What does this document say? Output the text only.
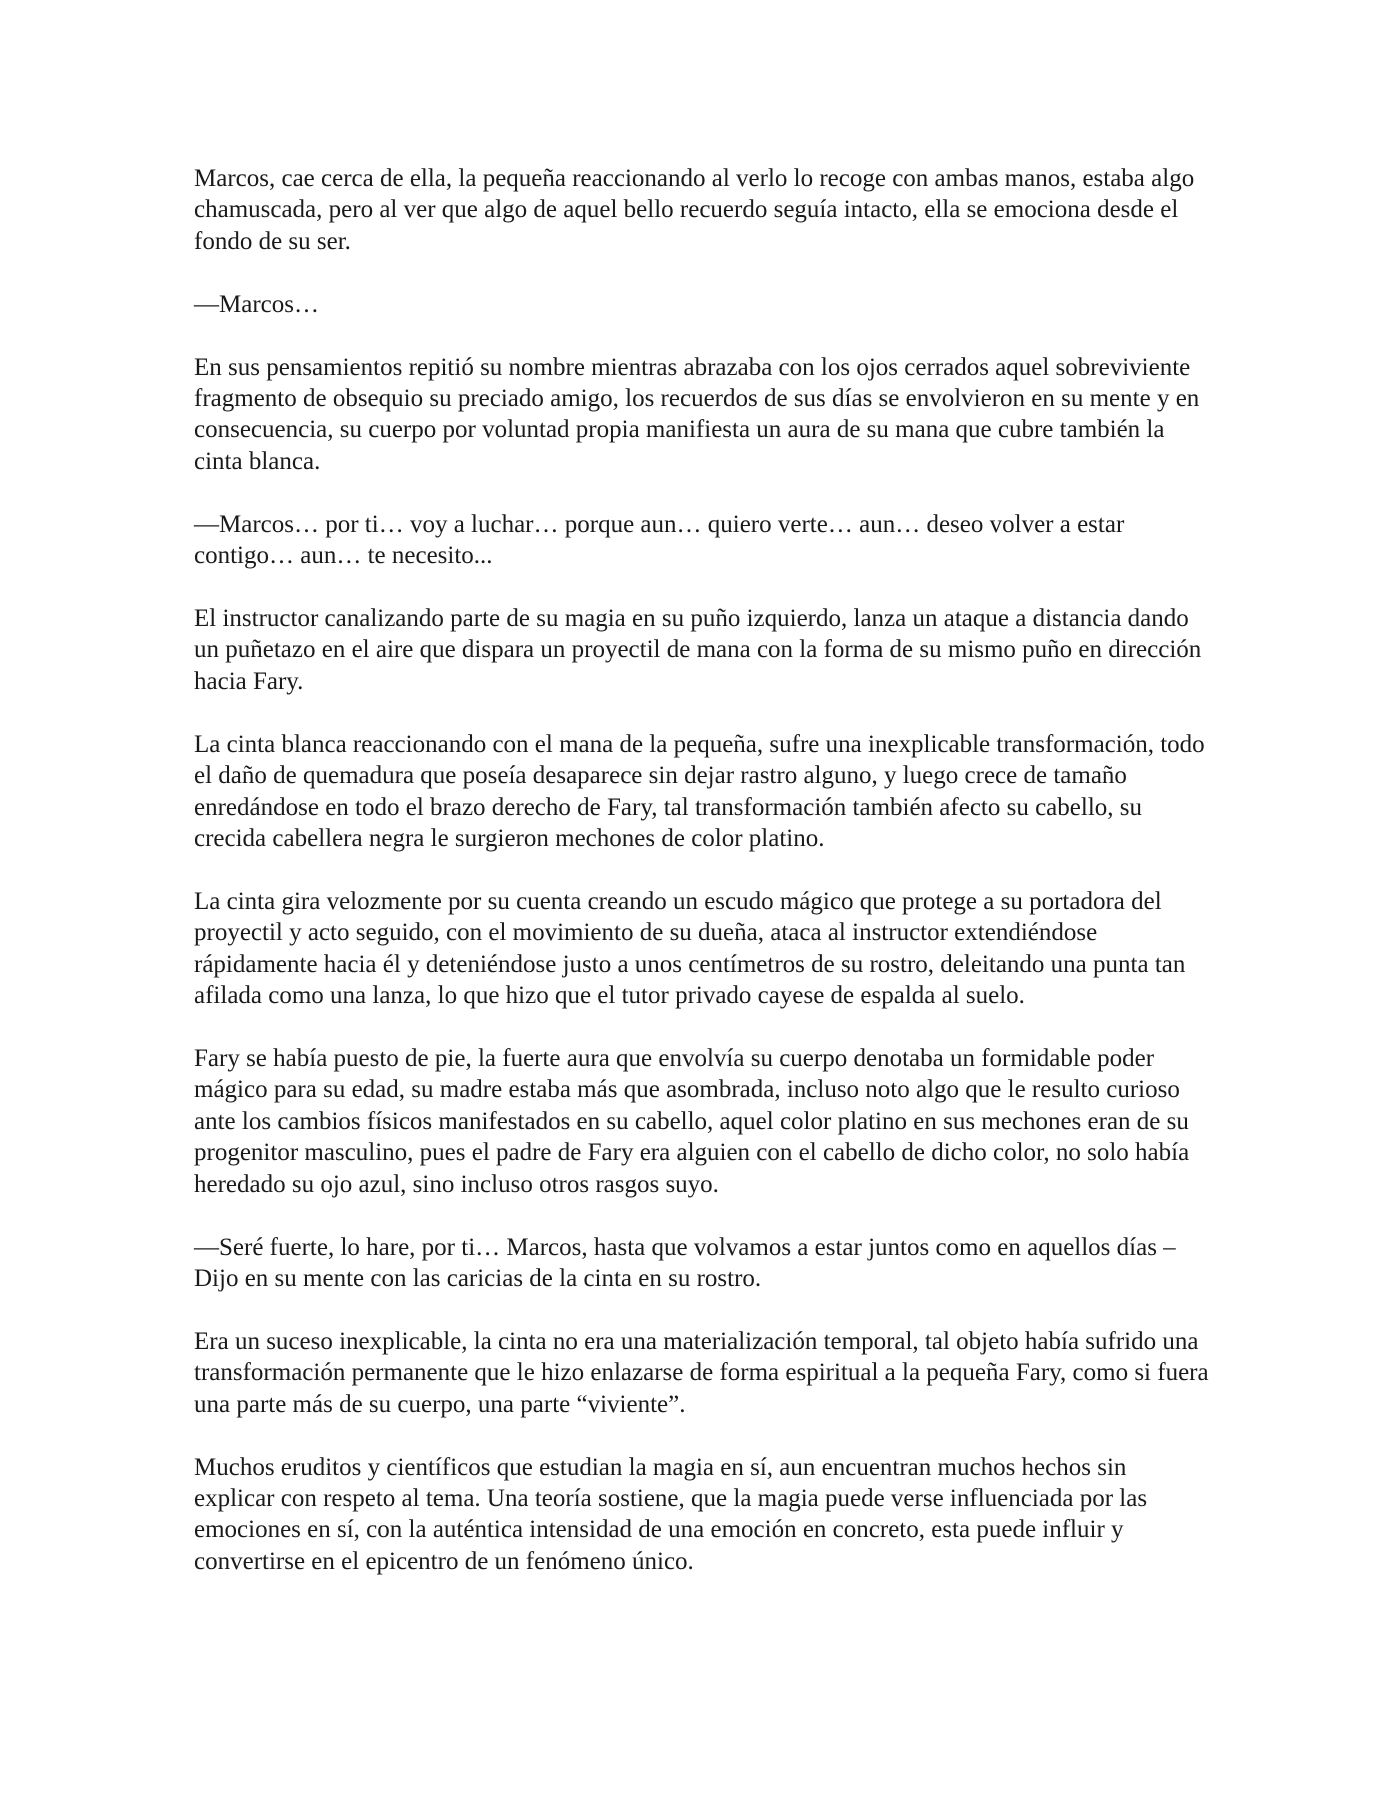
Marcos, cae cerca de ella, la pequeña reaccionando al verlo lo recoge con ambas manos, estaba algo chamuscada, pero al ver que algo de aquel bello recuerdo seguía intacto, ella se emociona desde el fondo de su ser.

—Marcos…

En sus pensamientos repitió su nombre mientras abrazaba con los ojos cerrados aquel sobreviviente fragmento de obsequio su preciado amigo, los recuerdos de sus días se envolvieron en su mente y en consecuencia, su cuerpo por voluntad propia manifiesta un aura de su mana que cubre también la cinta blanca.

—Marcos… por ti… voy a luchar… porque aun… quiero verte… aun… deseo volver a estar contigo… aun… te necesito...

El instructor canalizando parte de su magia en su puño izquierdo, lanza un ataque a distancia dando un puñetazo en el aire que dispara un proyectil de mana con la forma de su mismo puño en dirección hacia Fary.

La cinta blanca reaccionando con el mana de la pequeña, sufre una inexplicable transformación, todo el daño de quemadura que poseía desaparece sin dejar rastro alguno, y luego crece de tamaño enredándose en todo el brazo derecho de Fary, tal transformación también afecto su cabello, su crecida cabellera negra le surgieron mechones de color platino.

La cinta gira velozmente por su cuenta creando un escudo mágico que protege a su portadora del proyectil y acto seguido, con el movimiento de su dueña, ataca al instructor extendiéndose rápidamente hacia él y deteniéndose justo a unos centímetros de su rostro, deleitando una punta tan afilada como una lanza, lo que hizo que el tutor privado cayese de espalda al suelo.

Fary se había puesto de pie, la fuerte aura que envolvía su cuerpo denotaba un formidable poder mágico para su edad, su madre estaba más que asombrada, incluso noto algo que le resulto curioso ante los cambios físicos manifestados en su cabello, aquel color platino en sus mechones eran de su progenitor masculino, pues el padre de Fary era alguien con el cabello de dicho color, no solo había heredado su ojo azul, sino incluso otros rasgos suyo.

—Seré fuerte, lo hare, por ti… Marcos, hasta que volvamos a estar juntos como en aquellos días –Dijo en su mente con las caricias de la cinta en su rostro.

Era un suceso inexplicable, la cinta no era una materialización temporal, tal objeto había sufrido una transformación permanente que le hizo enlazarse de forma espiritual a la pequeña Fary, como si fuera una parte más de su cuerpo, una parte “viviente”.

Muchos eruditos y científicos que estudian la magia en sí, aun encuentran muchos hechos sin explicar con respeto al tema. Una teoría sostiene, que la magia puede verse influenciada por las emociones en sí, con la auténtica intensidad de una emoción en concreto, esta puede influir y convertirse en el epicentro de un fenómeno único.
